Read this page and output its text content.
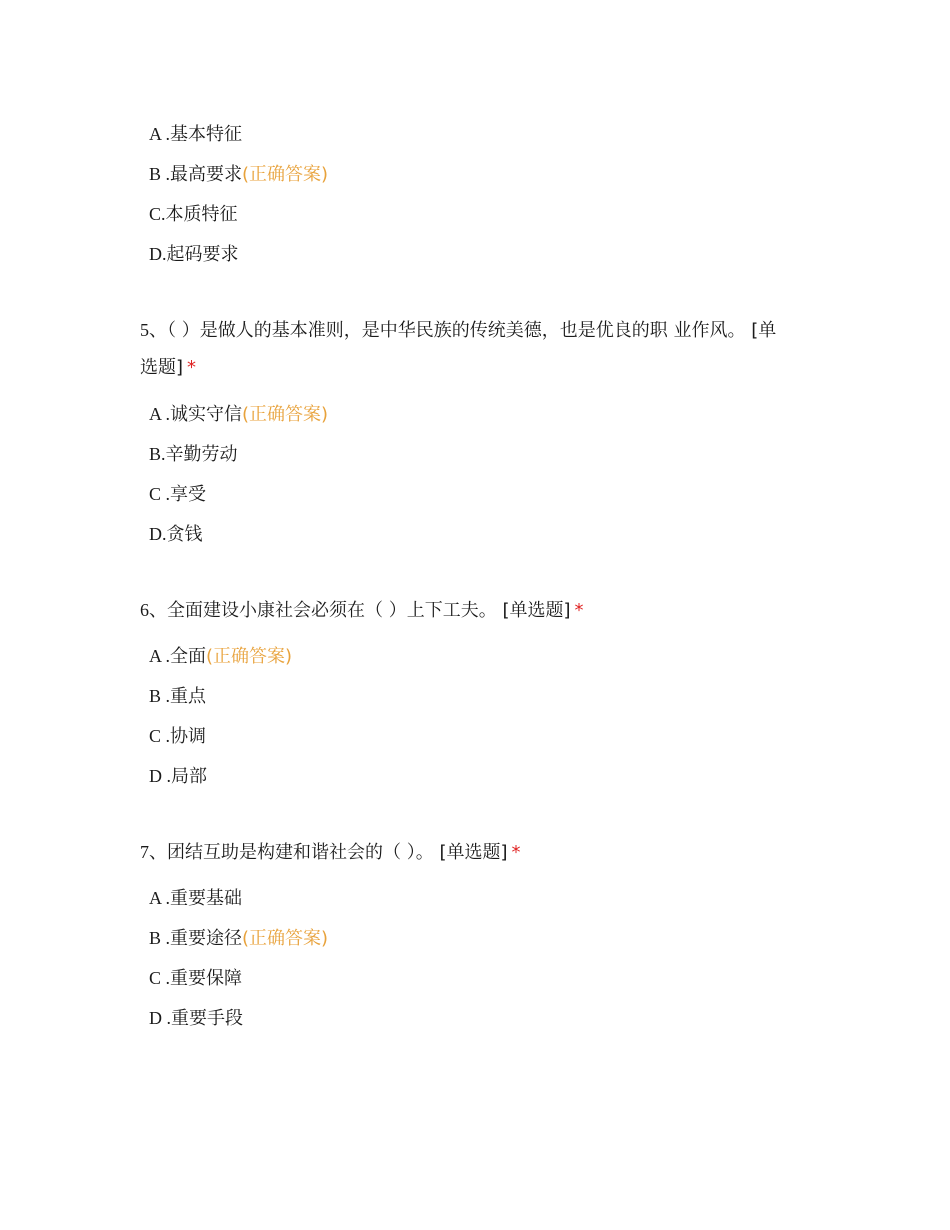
A .基本特征
B .最高要求(正确答案)
C.本质特征
D.起码要求
5、（ ）是做人的基本准则，是中华民族的传统美德，也是优良的职 业作风。 [单
选题] *
A .诚实守信(正确答案)
B.辛勤劳动
C .享受
D.贪钱
6、全面建设小康社会必须在（ ）上下工夫。 [单选题] *
A .全面(正确答案)
B .重点
C .协调
D .局部
7、团结互助是构建和谐社会的（ ）。 [单选题] *
A .重要基础
B .重要途径(正确答案)
C .重要保障
D .重要手段
